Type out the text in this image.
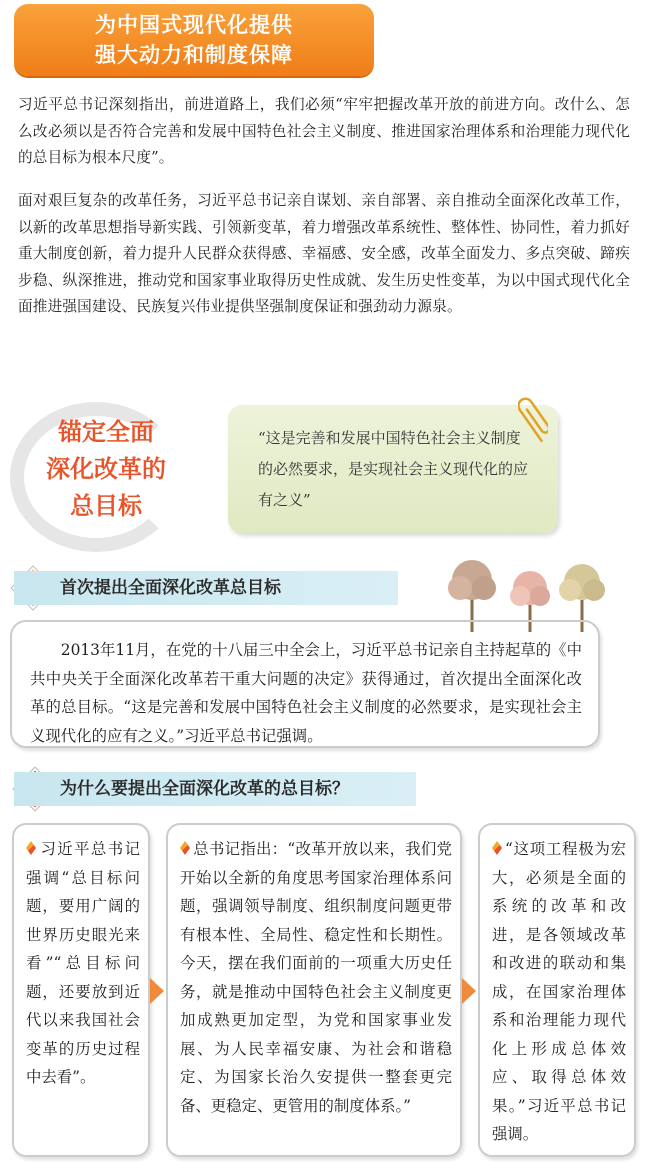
为中国式现代化提供
强大动力和制度保障

习近平总书记深刻指出，前进道路上，我们必须“牢牢把握改革开放的前进方向。改什么、怎么改必须以是否符合完善和发展中国特色社会主义制度、推进国家治理体系和治理能力现代化的总目标为根本尺度”。

面对艰巨复杂的改革任务，习近平总书记亲自谋划、亲自部署、亲自推动全面深化改革工作，以新的改革思想指导新实践、引领新变革，着力增强改革系统性、整体性、协同性，着力抓好重大制度创新，着力提升人民群众获得感、幸福感、安全感，改革全面发力、多点突破、蹄疾步稳、纵深推进，推动党和国家事业取得历史性成就、发生历史性变革，为以中国式现代化全面推进强国建设、民族复兴伟业提供坚强制度保证和强劲动力源泉。

锚定全面
深化改革的
总目标

“这是完善和发展中国特色社会主义制度的必然要求，是实现社会主义现代化的应有之义”

首次提出全面深化改革总目标

2013年11月，在党的十八届三中全会上，习近平总书记亲自主持起草的《中共中央关于全面深化改革若干重大问题的决定》获得通过，首次提出全面深化改革的总目标。“这是完善和发展中国特色社会主义制度的必然要求，是实现社会主义现代化的应有之义。”习近平总书记强调。

为什么要提出全面深化改革的总目标？
习近平总书记强调“总目标问题，要用广阔的世界历史眼光来看”“总目标问题，还要放到近代以来我国社会变革的历史过程中去看”。
总书记指出：“改革开放以来，我们党开始以全新的角度思考国家治理体系问题，强调领导制度、组织制度问题更带有根本性、全局性、稳定性和长期性。今天，摆在我们面前的一项重大历史任务，就是推动中国特色社会主义制度更加成熟更加定型，为党和国家事业发展、为人民幸福安康、为社会和谐稳定、为国家长治久安提供一整套更完备、更稳定、更管用的制度体系。”
“这项工程极为宏大，必须是全面的系统的改革和改进，是各领域改革和改进的联动和集成，在国家治理体系和治理能力现代化上形成总体效应、取得总体效果。”习近平总书记强调。
